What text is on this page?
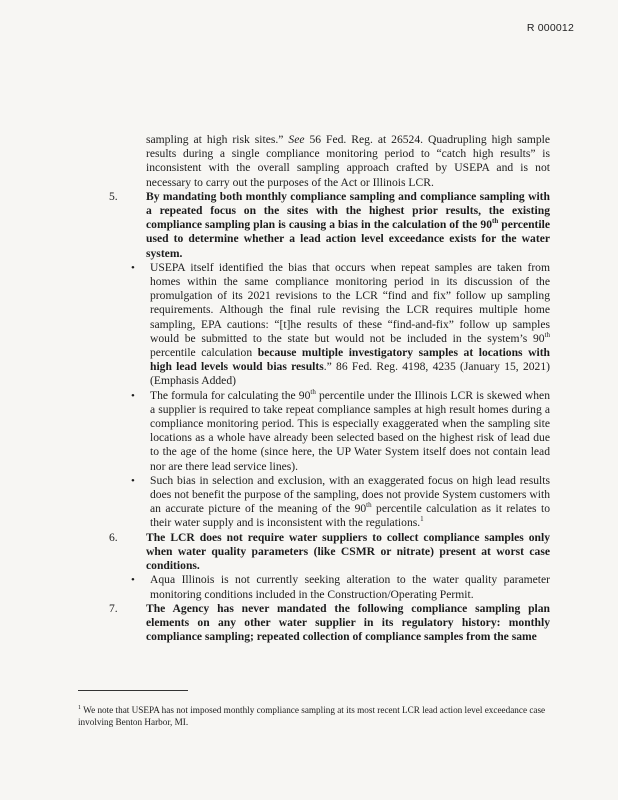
R 000012

sampling at high risk sites.” See 56 Fed. Reg. at 26524. Quadrupling high sample results during a single compliance monitoring period to “catch high results” is inconsistent with the overall sampling approach crafted by USEPA and is not necessary to carry out the purposes of the Act or Illinois LCR.

5. By mandating both monthly compliance sampling and compliance sampling with a repeated focus on the sites with the highest prior results, the existing compliance sampling plan is causing a bias in the calculation of the 90th percentile used to determine whether a lead action level exceedance exists for the water system.

• USEPA itself identified the bias that occurs when repeat samples are taken from homes within the same compliance monitoring period in its discussion of the promulgation of its 2021 revisions to the LCR “find and fix” follow up sampling requirements. Although the final rule revising the LCR requires multiple home sampling, EPA cautions: “[t]he results of these “find-and-fix” follow up samples would be submitted to the state but would not be included in the system’s 90th percentile calculation because multiple investigatory samples at locations with high lead levels would bias results.” 86 Fed. Reg. 4198, 4235 (January 15, 2021) (Emphasis Added)
• The formula for calculating the 90th percentile under the Illinois LCR is skewed when a supplier is required to take repeat compliance samples at high result homes during a compliance monitoring period. This is especially exaggerated when the sampling site locations as a whole have already been selected based on the highest risk of lead due to the age of the home (since here, the UP Water System itself does not contain lead nor are there lead service lines).
• Such bias in selection and exclusion, with an exaggerated focus on high lead results does not benefit the purpose of the sampling, does not provide System customers with an accurate picture of the meaning of the 90th percentile calculation as it relates to their water supply and is inconsistent with the regulations.$^1$
6. The LCR does not require water suppliers to collect compliance samples only when water quality parameters (like CSMR or nitrate) present at worst case conditions.

• Aqua Illinois is not currently seeking alteration to the water quality parameter monitoring conditions included in the Construction/Operating Permit.
7. The Agency has never mandated the following compliance sampling plan elements on any other water supplier in its regulatory history: monthly compliance sampling; repeated collection of compliance samples from the same

$^1$ We note that USEPA has not imposed monthly compliance sampling at its most recent LCR lead action level exceedance case involving Benton Harbor, MI.
